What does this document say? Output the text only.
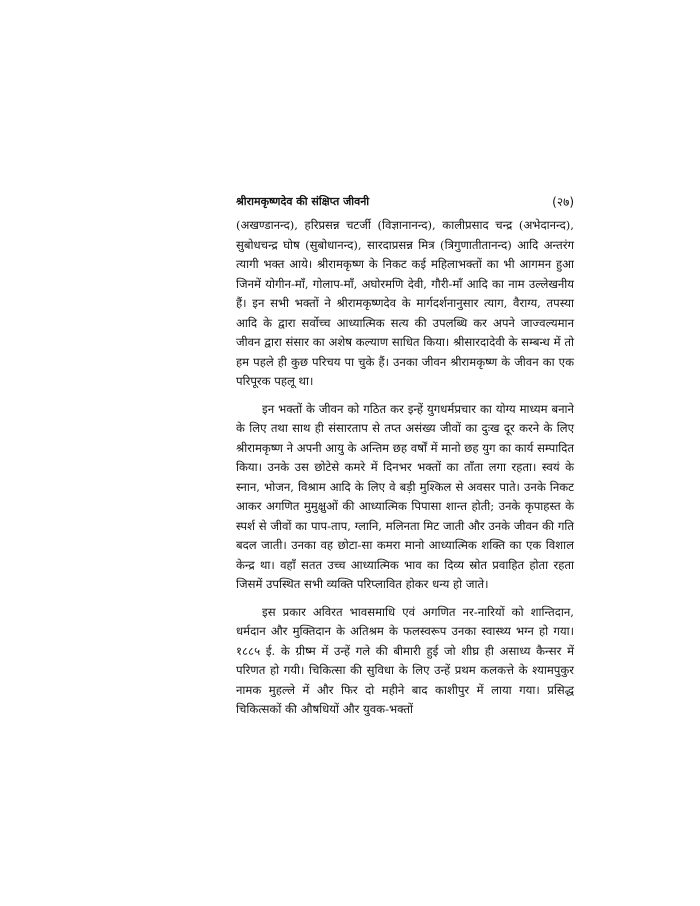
श्रीरामकृष्णदेव की संक्षिप्त जीवनी	(२७)

(अखण्डानन्द), हरिप्रसन्न चटर्जी (विज्ञानानन्द), कालीप्रसाद चन्द्र (अभेदानन्द), सुबोधचन्द्र घोष (सुबोधानन्द), सारदाप्रसन्न मित्र (त्रिगुणातीतानन्द) आदि अन्तरंग त्यागी भक्त आये। श्रीरामकृष्ण के निकट कई महिलाभक्तों का भी आगमन हुआ जिनमें योगीन-माँ, गोलाप-माँ, अघोरमणि देवी, गौरी-माँ आदि का नाम उल्लेखनीय हैं। इन सभी भक्तों ने श्रीरामकृष्णदेव के मार्गदर्शनानुसार त्याग, वैराग्य, तपस्या आदि के द्वारा सर्वोच्च आध्यात्मिक सत्य की उपलब्धि कर अपने जाज्वल्यमान जीवन द्वारा संसार का अशेष कल्याण साधित किया। श्रीसारदादेवी के सम्बन्ध में तो हम पहले ही कुछ परिचय पा चुके हैं। उनका जीवन श्रीरामकृष्ण के जीवन का एक परिपूरक पहलू था।

इन भक्तों के जीवन को गठित कर इन्हें युगधर्मप्रचार का योग्य माध्यम बनाने के लिए तथा साथ ही संसारताप से तप्त असंख्य जीवों का दुःख दूर करने के लिए श्रीरामकृष्ण ने अपनी आयु के अन्तिम छह वर्षों में मानो छह युग का कार्य सम्पादित किया। उनके उस छोटेसे कमरे में दिनभर भक्तों का ताँता लगा रहता। स्वयं के स्नान, भोजन, विश्राम आदि के लिए वे बड़ी मुश्किल से अवसर पाते। उनके निकट आकर अगणित मुमुक्षुओं की आध्यात्मिक पिपासा शान्त होती; उनके कृपाहस्त के स्पर्श से जीवों का पाप-ताप, ग्लानि, मलिनता मिट जाती और उनके जीवन की गति बदल जाती। उनका वह छोटा-सा कमरा मानो आध्यात्मिक शक्ति का एक विशाल केन्द्र था। वहाँ सतत उच्च आध्यात्मिक भाव का दिव्य स्रोत प्रवाहित होता रहता जिसमें उपस्थित सभी व्यक्ति परिप्लावित होकर धन्य हो जाते।

इस प्रकार अविरत भावसमाधि एवं अगणित नर-नारियों को शान्तिदान, धर्मदान और मुक्तिदान के अतिश्रम के फलस्वरूप उनका स्वास्थ्य भग्न हो गया। १८८५ ई. के ग्रीष्म में उन्हें गले की बीमारी हुई जो शीघ्र ही असाध्य कैन्सर में परिणत हो गयी। चिकित्सा की सुविधा के लिए उन्हें प्रथम कलकत्ते के श्यामपुकुर नामक मुहल्ले में और फिर दो महीने बाद काशीपुर में लाया गया। प्रसिद्ध चिकित्सकों की औषधियों और युवक-भक्तों
